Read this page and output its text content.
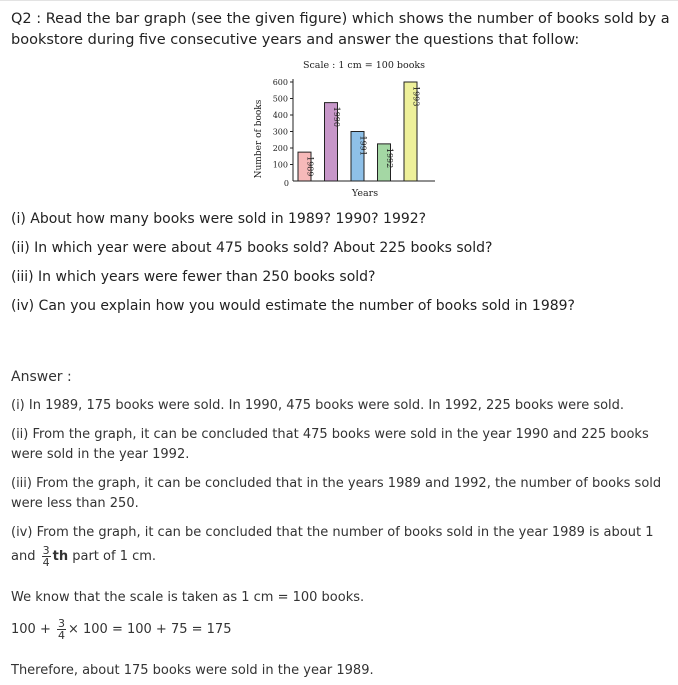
Q2 : Read the bar graph (see the given figure) which shows the number of books sold by a bookstore during five consecutive years and answer the questions that follow:
Scale : 1 cm = 100 books
Number of books
Years
0
100
200
300
400
500
600
1989
1990
1991
1992
1993
(i) About how many books were sold in 1989? 1990? 1992?
(ii) In which year were about 475 books sold? About 225 books sold?
(iii) In which years were fewer than 250 books sold?
(iv) Can you explain how you would estimate the number of books sold in 1989?
Answer :
(i) In 1989, 175 books were sold. In 1990, 475 books were sold. In 1992, 225 books were sold.
(ii) From the graph, it can be concluded that 475 books were sold in the year 1990 and 225 books were sold in the year 1992.
(iii) From the graph, it can be concluded that in the years 1989 and 1992, the number of books sold were less than 250.
(iv) From the graph, it can be concluded that the number of books sold in the year 1989 is about 1
and $\frac{3}{4}$ th part of 1 cm.
We know that the scale is taken as 1 cm = 100 books.
$100 + \frac{3}{4} \times 100 = 100 + 75 = 175$
Therefore, about 175 books were sold in the year 1989.
